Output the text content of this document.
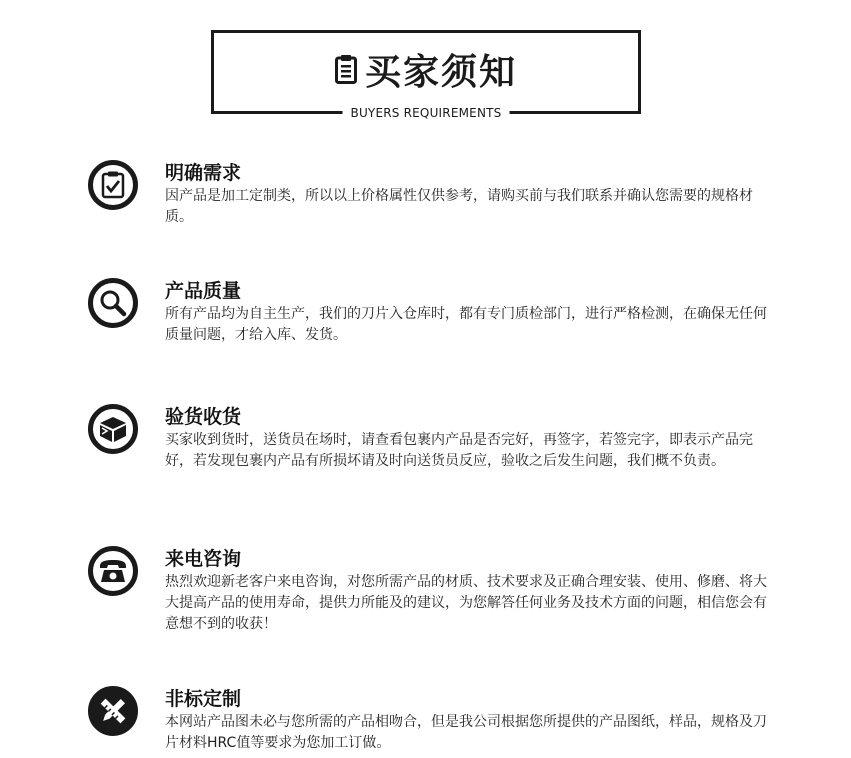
买家须知
BUYERS REQUIREMENTS
明确需求
因产品是加工定制类，所以以上价格属性仅供参考，请购买前与我们联系并确认您需要的规格材质。
产品质量
所有产品均为自主生产，我们的刀片入仓库时，都有专门质检部门，进行严格检测，在确保无任何质量问题，才给入库、发货。
验货收货
买家收到货时，送货员在场时，请查看包裹内产品是否完好，再签字，若签完字，即表示产品完好，若发现包裹内产品有所损坏请及时向送货员反应，验收之后发生问题，我们概不负责。
来电咨询
热烈欢迎新老客户来电咨询，对您所需产品的材质、技术要求及正确合理安装、使用、修磨、将大大提高产品的使用寿命，提供力所能及的建议，为您解答任何业务及技术方面的问题，相信您会有意想不到的收获！
非标定制
本网站产品图未必与您所需的产品相吻合，但是我公司根据您所提供的产品图纸，样品，规格及刀片材料HRC值等要求为您加工订做。
